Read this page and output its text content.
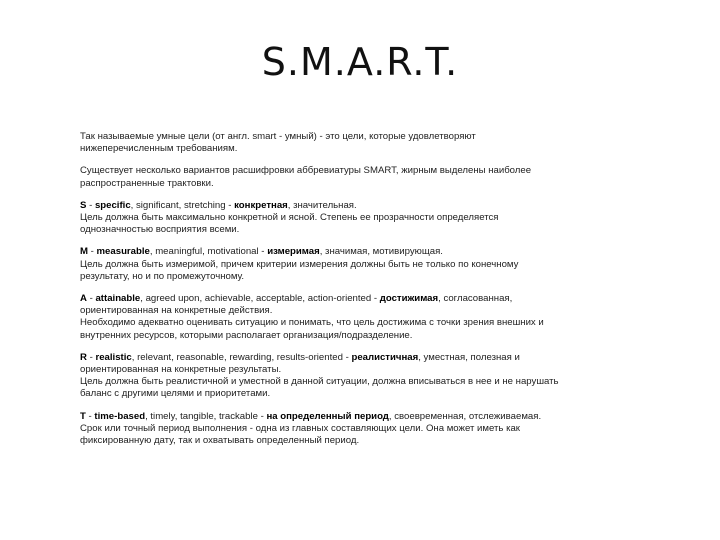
S.M.A.R.T.
Так называемые умные цели (от англ. smart - умный) - это цели, которые удовлетворяют
нижеперечисленным требованиям.
Существует несколько вариантов расшифровки аббревиатуры SMART, жирным выделены наиболее
распространенные трактовки.
S - specific, significant, stretching - конкретная, значительная.
Цель должна быть максимально конкретной и ясной. Степень ее прозрачности определяется
однозначностью восприятия всеми.
M - measurable, meaningful, motivational - измеримая, значимая, мотивирующая.
Цель должна быть измеримой, причем критерии измерения должны быть не только по конечному
результату, но и по промежуточному.
A - attainable, agreed upon, achievable, acceptable, action-oriented - достижимая, согласованная,
ориентированная на конкретные действия.
Необходимо адекватно оценивать ситуацию и понимать, что цель достижима с точки зрения внешних и
внутренних ресурсов, которыми располагает организация/подразделение.
R - realistic, relevant, reasonable, rewarding, results-oriented - реалистичная, уместная, полезная и
ориентированная на конкретные результаты.
Цель должна быть реалистичной и уместной в данной ситуации, должна вписываться в нее и не нарушать
баланс с другими целями и приоритетами.
T - time-based, timely, tangible, trackable - на определенный период, своевременная, отслеживаемая.
Срок или точный период выполнения - одна из главных составляющих цели. Она может иметь как
фиксированную дату, так и охватывать определенный период.
